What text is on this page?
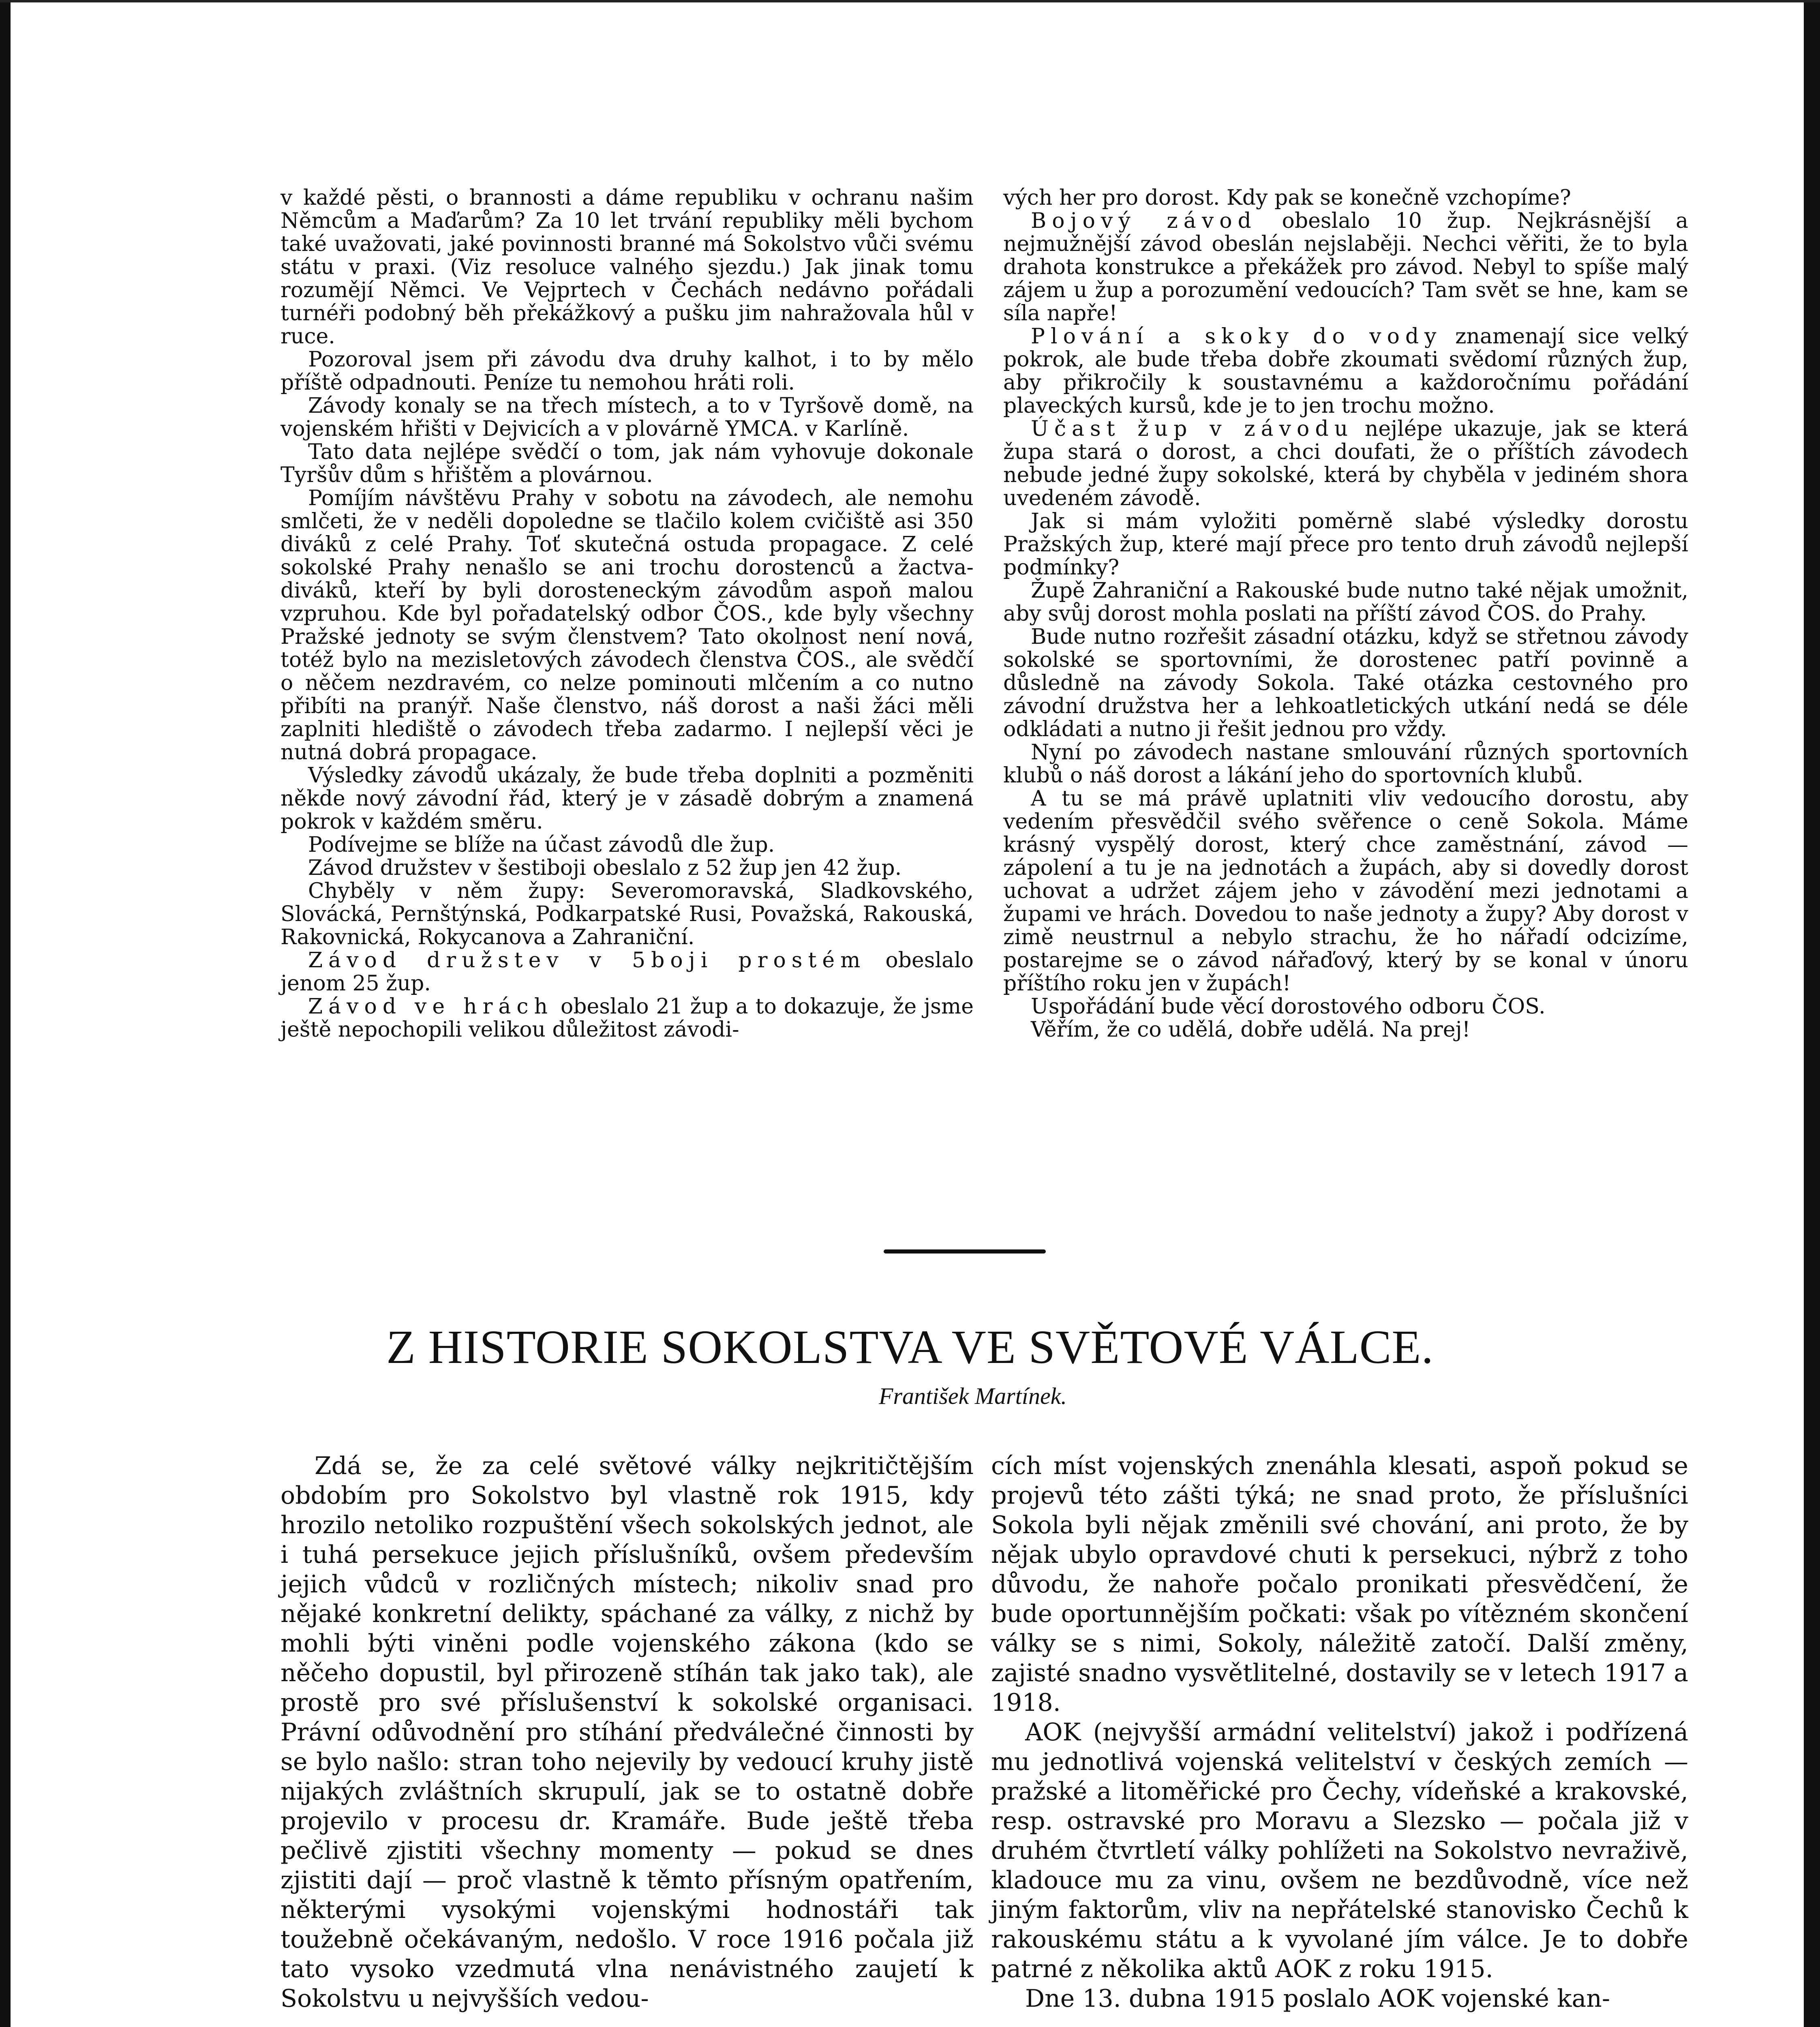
v každé pěsti, o brannosti a dáme republiku v ochranu našim Němcům a Maďarům? Za 10 let trvání republiky měli bychom také uvažovati, jaké povinnosti branné má Sokolstvo vůči svému státu v praxi. (Viz resoluce valného sjezdu.) Jak jinak tomu rozumějí Němci. Ve Vejprtech v Čechách nedávno pořádali turnéři podobný běh překážkový a pušku jim nahražovala hůl v ruce.

Pozoroval jsem při závodu dva druhy kalhot, i to by mělo příště odpadnouti. Peníze tu nemohou hráti roli.

Závody konaly se na třech místech, a to v Tyršově domě, na vojenském hřišti v Dejvicích a v plovárně YMCA. v Karlíně.

Tato data nejlépe svědčí o tom, jak nám vyhovuje dokonale Tyršův dům s hřištěm a plovárnou.

Pomíjím návštěvu Prahy v sobotu na závodech, ale nemohu smlčeti, že v neděli dopoledne se tlačilo kolem cvičiště asi 350 diváků z celé Prahy. Toť skutečná ostuda propagace. Z celé sokolské Prahy nenašlo se ani trochu dorostenců a žactva-diváků, kteří by byli dorosteneckým závodům aspoň malou vzpruhou. Kde byl pořadatelský odbor ČOS., kde byly všechny Pražské jednoty se svým členstvem? Tato okolnost není nová, totéž bylo na mezisletových závodech členstva ČOS., ale svědčí o něčem nezdravém, co nelze pominouti mlčením a co nutno přibíti na pranýř. Naše členstvo, náš dorost a naši žáci měli zaplniti hlediště o závodech třeba zadarmo. I nejlepší věci je nutná dobrá propagace.

Výsledky závodů ukázaly, že bude třeba doplniti a pozměniti někde nový závodní řád, který je v zásadě dobrým a znamená pokrok v každém směru.

Podívejme se blíže na účast závodů dle žup.

Závod družstev v šestiboji obeslalo z 52 žup jen 42 žup.

Chyběly v něm župy: Severomoravská, Sladkovského, Slovácká, Pernštýnská, Podkarpatské Rusi, Považská, Rakouská, Rakovnická, Rokycanova a Zahraniční.

Závod družstev v 5boji prostém obeslalo jenom 25 žup.

Závod ve hrách obeslalo 21 žup a to dokazuje, že jsme ještě nepochopili velikou důležitost závodi-

vých her pro dorost. Kdy pak se konečně vzchopíme?

Bojový závod obeslalo 10 žup. Nejkrásnější a nejmužnější závod obeslán nejslaběji. Nechci věřiti, že to byla drahota konstrukce a překážek pro závod. Nebyl to spíše malý zájem u žup a porozumění vedoucích? Tam svět se hne, kam se síla napře!

Plování a skoky do vody znamenají sice velký pokrok, ale bude třeba dobře zkoumati svědomí různých žup, aby přikročily k soustavnému a každoročnímu pořádání plaveckých kursů, kde je to jen trochu možno.

Účast žup v závodu nejlépe ukazuje, jak se která župa stará o dorost, a chci doufati, že o příštích závodech nebude jedné župy sokolské, která by chyběla v jediném shora uvedeném závodě.

Jak si mám vyložiti poměrně slabé výsledky dorostu Pražských žup, které mají přece pro tento druh závodů nejlepší podmínky?

Župě Zahraniční a Rakouské bude nutno také nějak umožnit, aby svůj dorost mohla poslati na příští závod ČOS. do Prahy.

Bude nutno rozřešit zásadní otázku, když se střetnou závody sokolské se sportovními, že dorostenec patří povinně a důsledně na závody Sokola. Také otázka cestovného pro závodní družstva her a lehkoatletických utkání nedá se déle odkládati a nutno ji řešit jednou pro vždy.

Nyní po závodech nastane smlouvání různých sportovních klubů o náš dorost a lákání jeho do sportovních klubů.

A tu se má právě uplatniti vliv vedoucího dorostu, aby vedením přesvědčil svého svěřence o ceně Sokola. Máme krásný vyspělý dorost, který chce zaměstnání, závod — zápolení a tu je na jednotách a župách, aby si dovedly dorost uchovat a udržet zájem jeho v závodění mezi jednotami a župami ve hrách. Dovedou to naše jednoty a župy? Aby dorost v zimě neustrnul a nebylo strachu, že ho nářadí odcizíme, postarejme se o závod nářaďový, který by se konal v únoru příštího roku jen v župách!

Uspořádání bude věcí dorostového odboru ČOS.

Věřím, že co udělá, dobře udělá. Na prej!

Z HISTORIE SOKOLSTVA VE SVĚTOVÉ VÁLCE.

František Martínek.

Zdá se, že za celé světové války nejkritičtějším obdobím pro Sokolstvo byl vlastně rok 1915, kdy hrozilo netoliko rozpuštění všech sokolských jednot, ale i tuhá persekuce jejich příslušníků, ovšem především jejich vůdců v rozličných místech; nikoliv snad pro nějaké konkretní delikty, spáchané za války, z nichž by mohli býti viněni podle vojenského zákona (kdo se něčeho dopustil, byl přirozeně stíhán tak jako tak), ale prostě pro své příslušenství k sokolské organisaci. Právní odůvodnění pro stíhání předválečné činnosti by se bylo našlo: stran toho nejevily by vedoucí kruhy jistě nijakých zvláštních skrupulí, jak se to ostatně dobře projevilo v procesu dr. Kramáře. Bude ještě třeba pečlivě zjistiti všechny momenty — pokud se dnes zjistiti dají — proč vlastně k těmto přísným opatřením, některými vysokými vojenskými hodnostáři tak toužebně očekávaným, nedošlo. V roce 1916 počala již tato vysoko vzedmutá vlna nenávistného zaujetí k Sokolstvu u nejvyšších vedou-

cích míst vojenských znenáhla klesati, aspoň pokud se projevů této zášti týká; ne snad proto, že příslušníci Sokola byli nějak změnili své chování, ani proto, že by nějak ubylo opravdové chuti k persekuci, nýbrž z toho důvodu, že nahoře počalo pronikati přesvědčení, že bude oportunnějším počkati: však po vítězném skončení války se s nimi, Sokoly, náležitě zatočí. Další změny, zajisté snadno vysvětlitelné, dostavily se v letech 1917 a 1918.

AOK (nejvyšší armádní velitelství) jakož i podřízená mu jednotlivá vojenská velitelství v českých zemích — pražské a litoměřické pro Čechy, vídeňské a krakovské, resp. ostravské pro Moravu a Slezsko — počala již v druhém čtvrtletí války pohlížeti na Sokolstvo nevraživě, kladouce mu za vinu, ovšem ne bezdůvodně, více než jiným faktorům, vliv na nepřátelské stanovisko Čechů k rakouskému státu a k vyvolané jím válce. Je to dobře patrné z několika aktů AOK z roku 1915.

Dne 13. dubna 1915 poslalo AOK vojenské kan-
